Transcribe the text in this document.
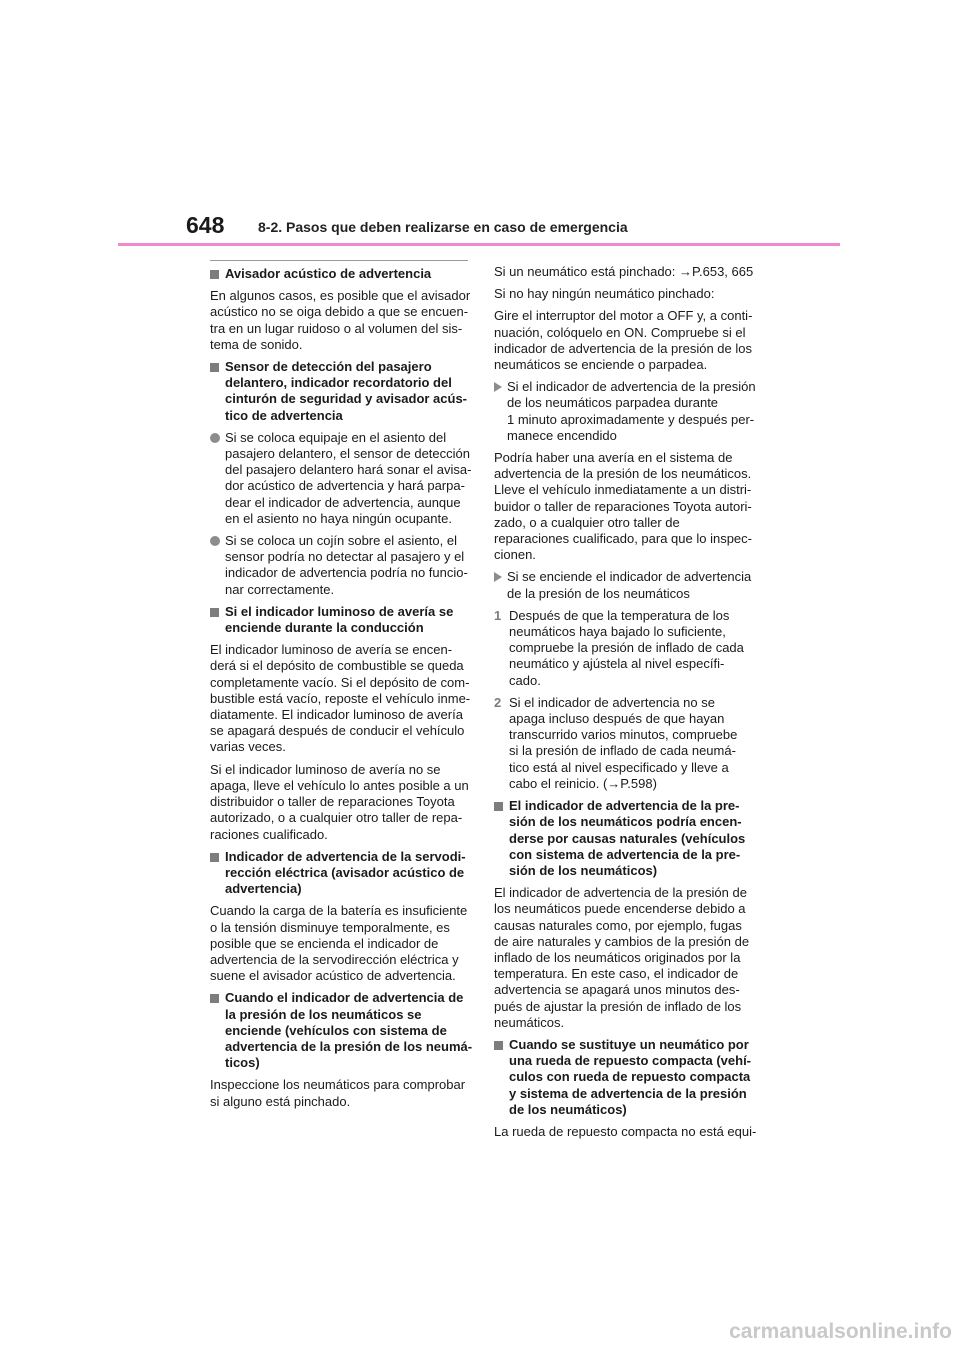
648 8-2. Pasos que deben realizarse en caso de emergencia
Avisador acústico de advertencia

En algunos casos, es posible que el avisador
acústico no se oiga debido a que se encuen-
tra en un lugar ruidoso o al volumen del sis-
tema de sonido.

Sensor de detección del pasajero
delantero, indicador recordatorio del
cinturón de seguridad y avisador acús-
tico de advertencia
Si se coloca equipaje en el asiento del
pasajero delantero, el sensor de detección
del pasajero delantero hará sonar el avisa-
dor acústico de advertencia y hará parpa-
dear el indicador de advertencia, aunque
en el asiento no haya ningún ocupante.
Si se coloca un cojín sobre el asiento, el
sensor podría no detectar al pasajero y el
indicador de advertencia podría no funcio-
nar correctamente.
Si el indicador luminoso de avería se
enciende durante la conducción

El indicador luminoso de avería se encen-
derá si el depósito de combustible se queda
completamente vacío. Si el depósito de com-
bustible está vacío, reposte el vehículo inme-
diatamente. El indicador luminoso de avería
se apagará después de conducir el vehículo
varias veces.

Si el indicador luminoso de avería no se
apaga, lleve el vehículo lo antes posible a un
distribuidor o taller de reparaciones Toyota
autorizado, o a cualquier otro taller de repa-
raciones cualificado.

Indicador de advertencia de la servodi-
rección eléctrica (avisador acústico de
advertencia)

Cuando la carga de la batería es insuficiente
o la tensión disminuye temporalmente, es
posible que se encienda el indicador de
advertencia de la servodirección eléctrica y
suene el avisador acústico de advertencia.

Cuando el indicador de advertencia de
la presión de los neumáticos se
enciende (vehículos con sistema de
advertencia de la presión de los neumá-
ticos)

Inspeccione los neumáticos para comprobar
si alguno está pinchado.

Si un neumático está pinchado: →P.653, 665

Si no hay ningún neumático pinchado:

Gire el interruptor del motor a OFF y, a conti-
nuación, colóquelo en ON. Compruebe si el
indicador de advertencia de la presión de los
neumáticos se enciende o parpadea.

Si el indicador de advertencia de la presión
de los neumáticos parpadea durante
1 minuto aproximadamente y después per-
manece encendido

Podría haber una avería en el sistema de
advertencia de la presión de los neumáticos.
Lleve el vehículo inmediatamente a un distri-
buidor o taller de reparaciones Toyota autori-
zado, o a cualquier otro taller de
reparaciones cualificado, para que lo inspec-
cionen.

Si se enciende el indicador de advertencia
de la presión de los neumáticos
1 Después de que la temperatura de los
neumáticos haya bajado lo suficiente,
compruebe la presión de inflado de cada
neumático y ajústela al nivel específi-
cado.
2 Si el indicador de advertencia no se
apaga incluso después de que hayan
transcurrido varios minutos, compruebe
si la presión de inflado de cada neumá-
tico está al nivel especificado y lleve a
cabo el reinicio. (→P.598)
El indicador de advertencia de la pre-
sión de los neumáticos podría encen-
derse por causas naturales (vehículos
con sistema de advertencia de la pre-
sión de los neumáticos)

El indicador de advertencia de la presión de
los neumáticos puede encenderse debido a
causas naturales como, por ejemplo, fugas
de aire naturales y cambios de la presión de
inflado de los neumáticos originados por la
temperatura. En este caso, el indicador de
advertencia se apagará unos minutos des-
pués de ajustar la presión de inflado de los
neumáticos.

Cuando se sustituye un neumático por
una rueda de repuesto compacta (vehí-
culos con rueda de repuesto compacta
y sistema de advertencia de la presión
de los neumáticos)

La rueda de repuesto compacta no está equi-

carmanualsonline.info
